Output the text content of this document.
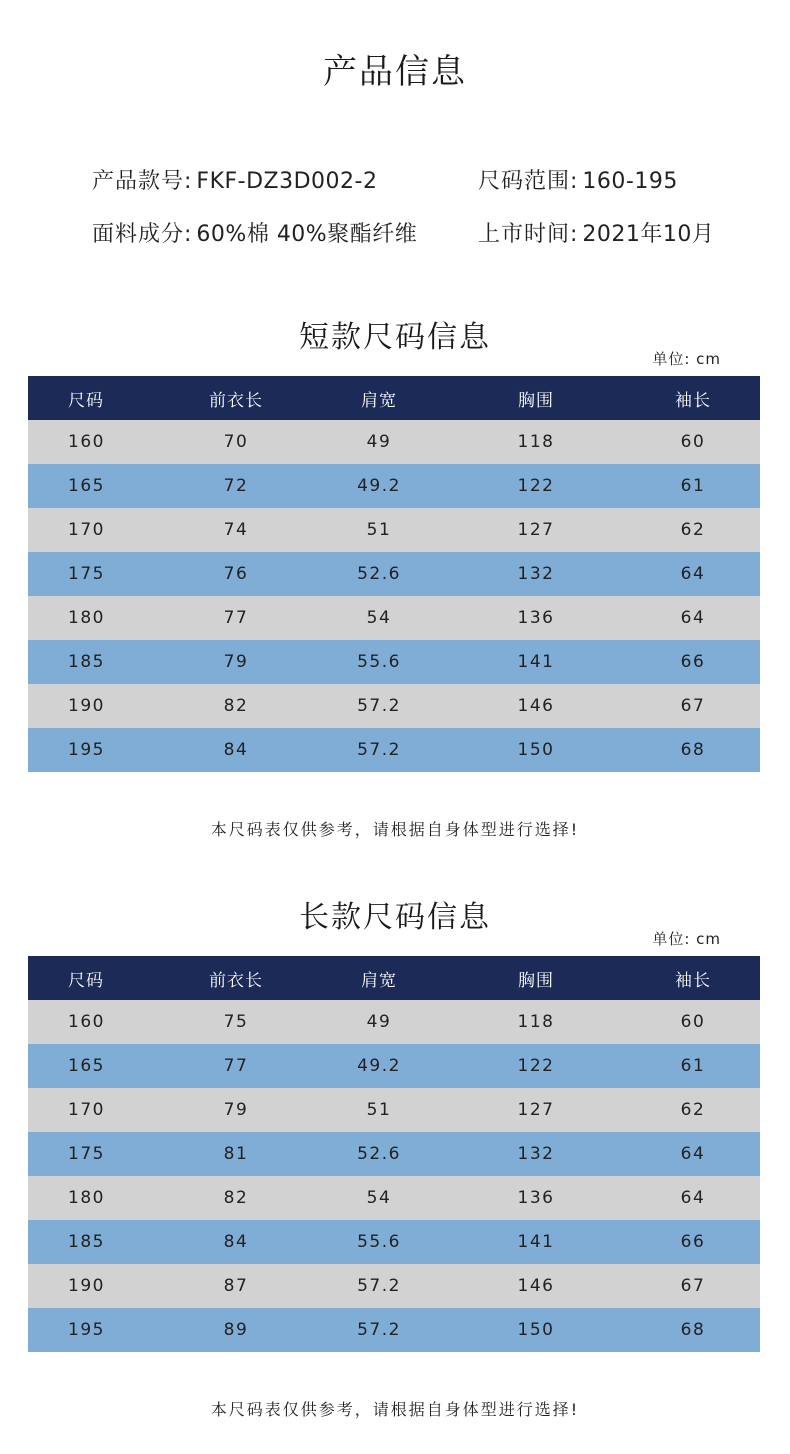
产品信息
产品款号: FKF-DZ3D002-2	尺码范围: 160-195
面料成分: 60%棉 40%聚酯纤维	上市时间: 2021年10月
短款尺码信息
单位: cm
尺码	前衣长	肩宽	胸围	袖长
160	70	49	118	60
165	72	49.2	122	61
170	74	51	127	62
175	76	52.6	132	64
180	77	54	136	64
185	79	55.6	141	66
190	82	57.2	146	67
195	84	57.2	150	68
本尺码表仅供参考，请根据自身体型进行选择!
长款尺码信息
单位: cm
尺码	前衣长	肩宽	胸围	袖长
160	75	49	118	60
165	77	49.2	122	61
170	79	51	127	62
175	81	52.6	132	64
180	82	54	136	64
185	84	55.6	141	66
190	87	57.2	146	67
195	89	57.2	150	68
本尺码表仅供参考，请根据自身体型进行选择!
